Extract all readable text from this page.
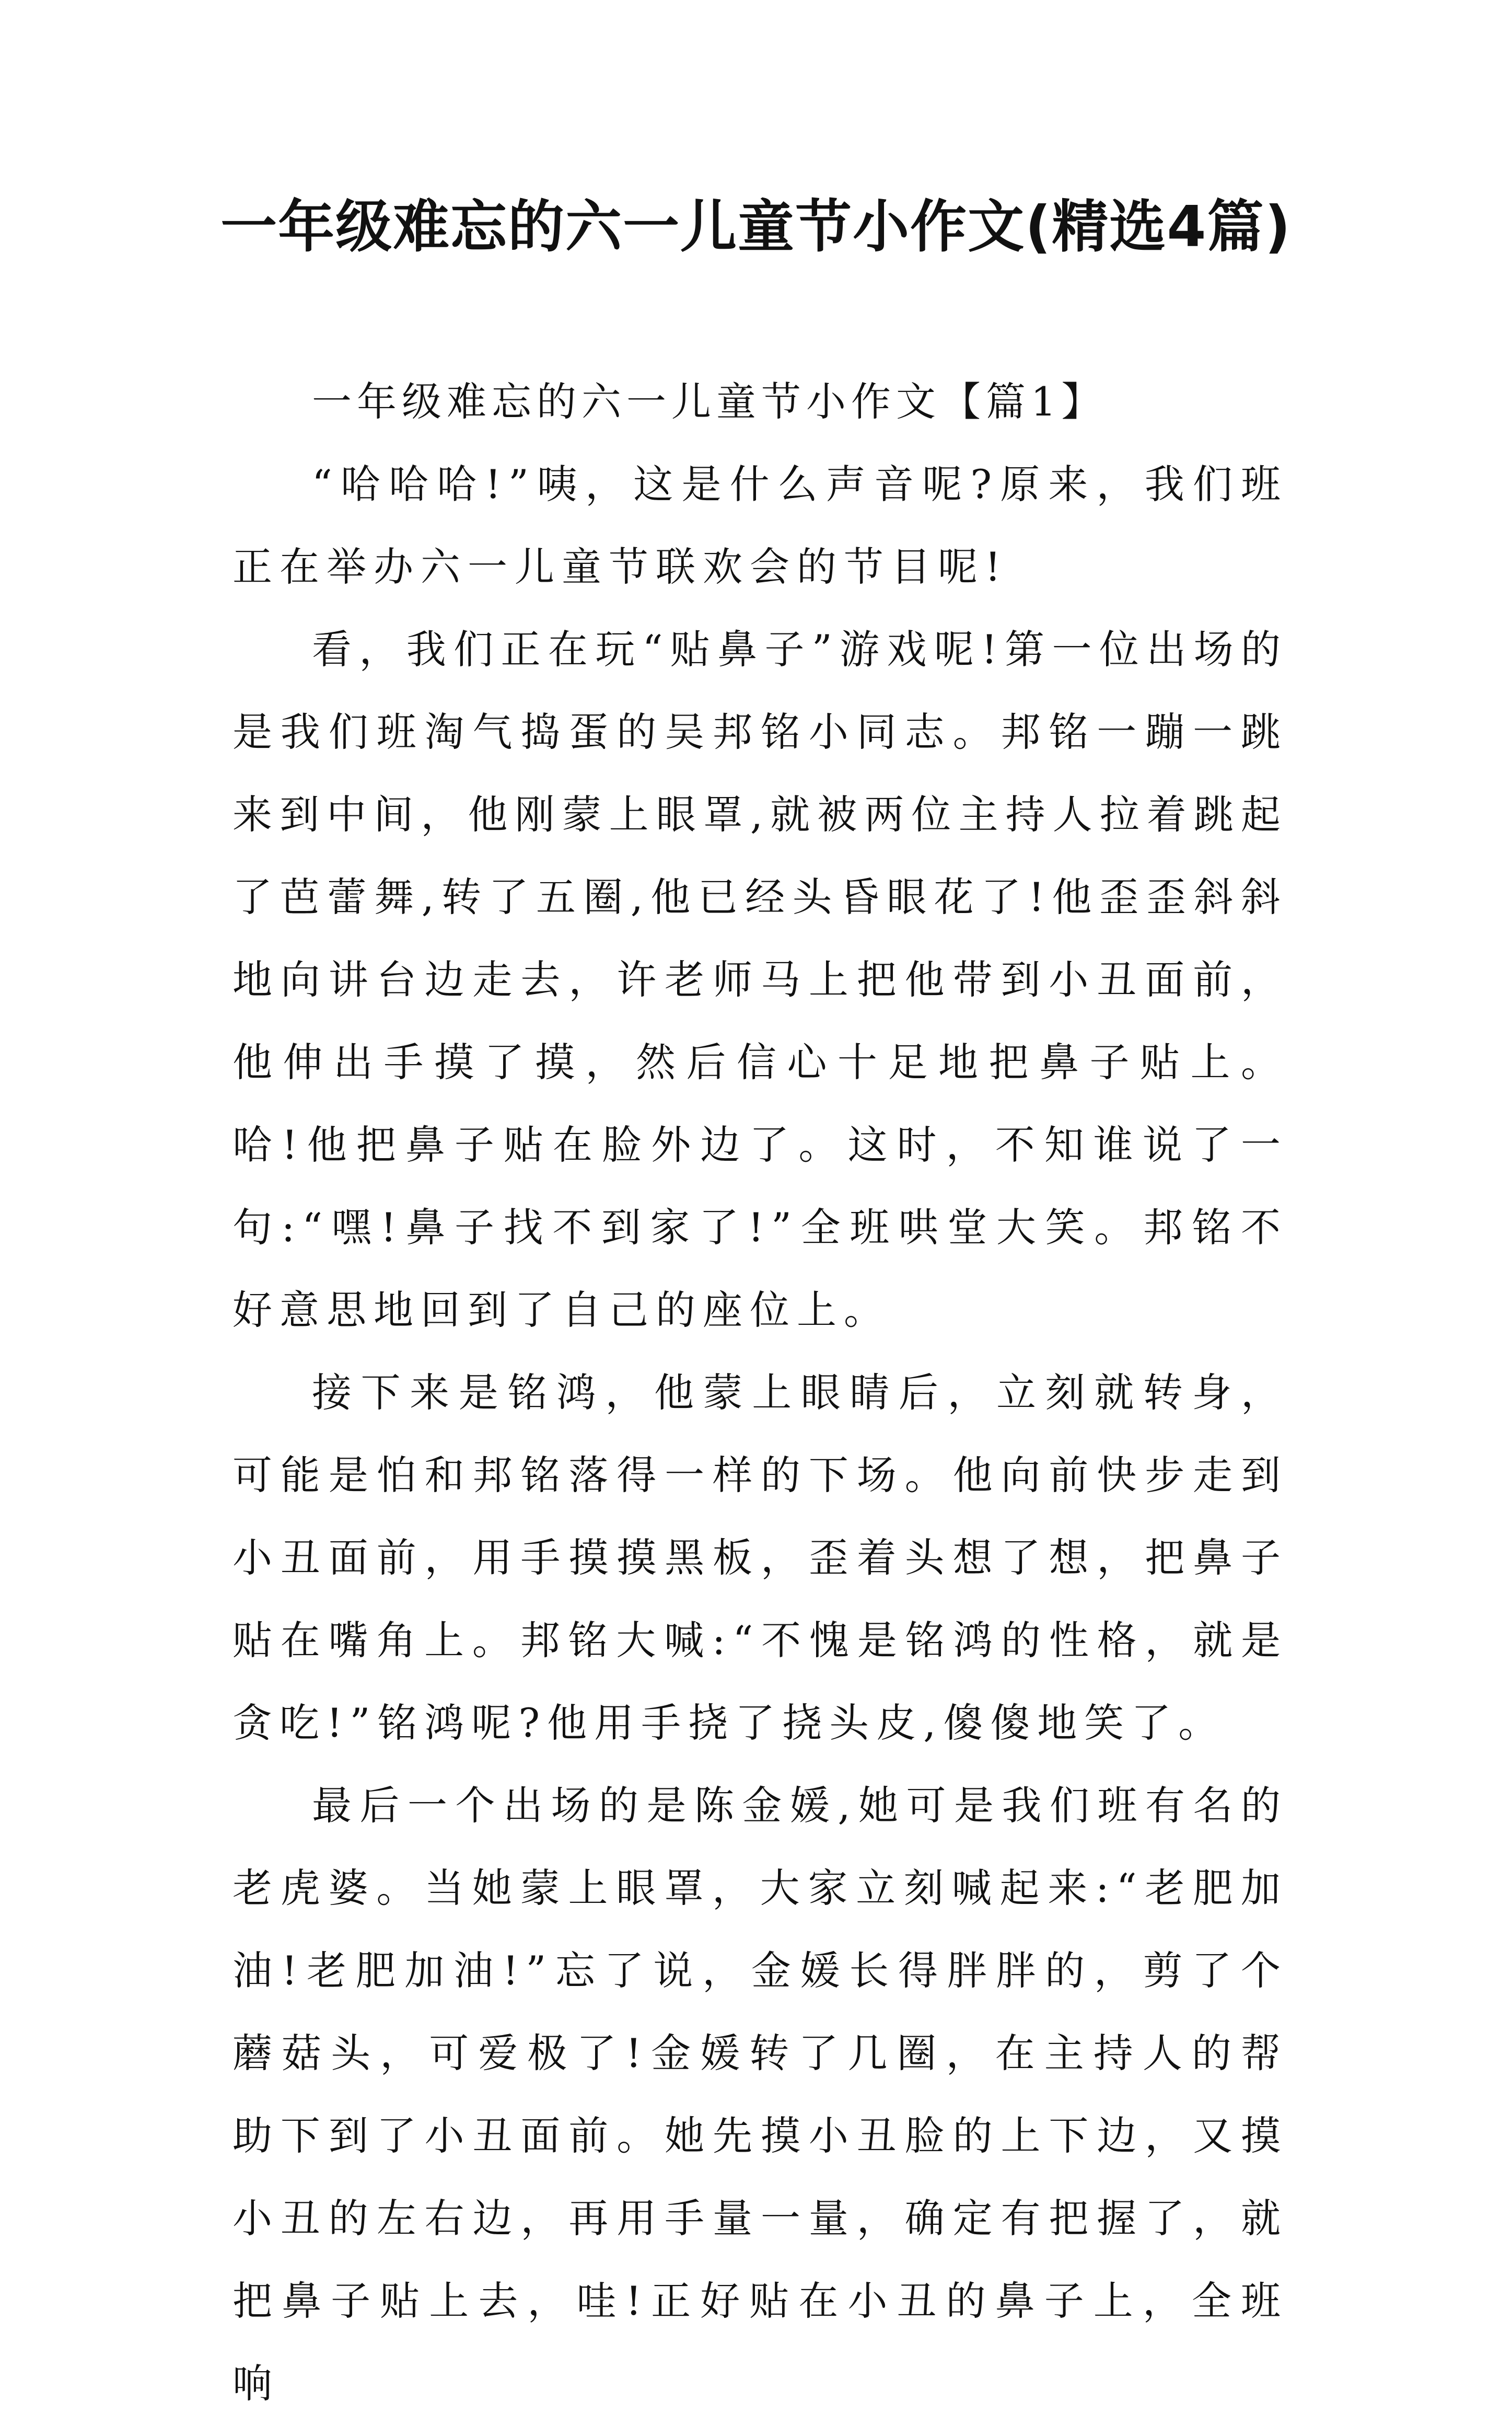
一年级难忘的六一儿童节小作文(精选4篇)

一年级难忘的六一儿童节小作文【篇1】

“哈哈哈!”咦，这是什么声音呢?原来，我们班正在举办六一儿童节联欢会的节目呢!

看，我们正在玩“贴鼻子”游戏呢!第一位出场的是我们班淘气捣蛋的吴邦铭小同志。邦铭一蹦一跳来到中间，他刚蒙上眼罩,就被两位主持人拉着跳起了芭蕾舞,转了五圈,他已经头昏眼花了!他歪歪斜斜地向讲台边走去，许老师马上把他带到小丑面前，他伸出手摸了摸，然后信心十足地把鼻子贴上。哈!他把鼻子贴在脸外边了。这时，不知谁说了一句:“嘿!鼻子找不到家了!”全班哄堂大笑。邦铭不好意思地回到了自己的座位上。

接下来是铭鸿，他蒙上眼睛后，立刻就转身，可能是怕和邦铭落得一样的下场。他向前快步走到小丑面前，用手摸摸黑板，歪着头想了想，把鼻子贴在嘴角上。邦铭大喊:“不愧是铭鸿的性格，就是贪吃!”铭鸿呢?他用手挠了挠头皮,傻傻地笑了。

最后一个出场的是陈金媛,她可是我们班有名的老虎婆。当她蒙上眼罩，大家立刻喊起来:“老肥加油!老肥加油!”忘了说，金媛长得胖胖的，剪了个蘑菇头，可爱极了!金媛转了几圈，在主持人的帮助下到了小丑面前。她先摸小丑脸的上下边，又摸小丑的左右边，再用手量一量，确定有把握了，就把鼻子贴上去，哇!正好贴在小丑的鼻子上，全班响
